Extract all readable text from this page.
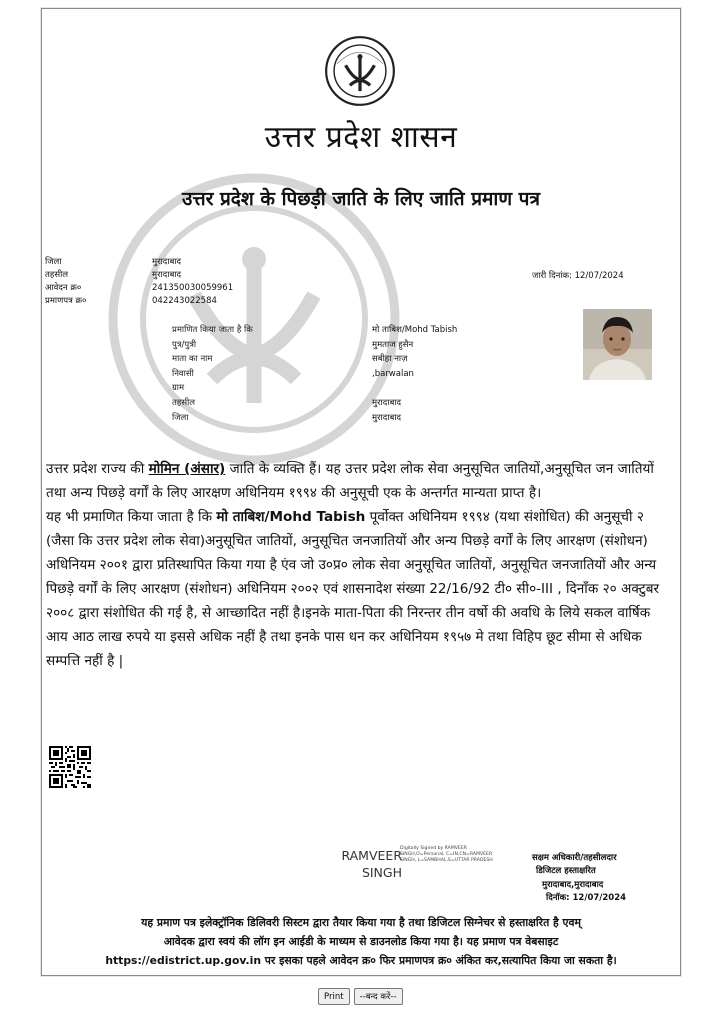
उत्तर प्रदेश शासन
उत्तर प्रदेश के पिछड़ी जाति के लिए जाति प्रमाण पत्र
जिला
तहसील
आवेदन क्र०
प्रमाणपत्र क्र०
मुरादाबाद
मुरादाबाद
241350030059961
042243022584
जारी दिनांक: 12/07/2024
प्रमाणित किया जाता है कि
पुत्र/पुत्री
माता का नाम
निवासी
ग्राम
तहसील
जिला
मो ताबिश/Mohd Tabish
मुमताज हुसैन
सबीहा नाज़
,barwalan

मुरादाबाद
मुरादाबाद

उत्तर प्रदेश राज्य की मोमिन (अंसार) जाति के व्यक्ति हैं। यह उत्तर प्रदेश लोक सेवा अनुसूचित जातियों,अनुसूचित जन जातियों तथा अन्य पिछड़े वर्गों के लिए आरक्षण अधिनियम १९९४ की अनुसूची एक के अन्तर्गत मान्यता प्राप्त है।

यह भी प्रमाणित किया जाता है कि मो ताबिश/Mohd Tabish पूर्वोक्त अधिनियम १९९४ (यथा संशोधित) की अनुसूची २ (जैसा कि उत्तर प्रदेश लोक सेवा)अनुसूचित जातियों, अनुसूचित जनजातियों और अन्य पिछड़े वर्गों के लिए आरक्षण (संशोधन) अधिनियम २००१ द्वारा प्रतिस्थापित किया गया है एंव जो उ०प्र० लोक सेवा अनुसूचित जातियों, अनुसूचित जनजातियों और अन्य पिछड़े वर्गों के लिए आरक्षण (संशोधन) अधिनियम २००२ एवं शासनादेश संख्या 22/16/92 टी० सी०-III , दिनाँक २० अक्टुबर २००८ द्वारा संशोधित की गई है, से आच्छादित नहीं है।इनके माता-पिता की निरन्तर तीन वर्षो की अवधि के लिये सकल वार्षिक आय आठ लाख रुपये या इससे अधिक नहीं है तथा इनके पास धन कर अधिनियम १९५७ मे तथा विहिप छूट सीमा से अधिक सम्पत्ति नहीं है |

RAMVEER
SINGH
Digitally Signed by RAMVEER SINGH,O=Personal, C=IN,CN=RAMVEER SINGH, L=SAMBHAL,S=UTTAR PRADESH	सक्षम अधिकारी/तहसीलदार
डिजिटल हस्ताक्षरित
मुरादाबाद,मुरादाबाद
दिनॉक: 12/07/2024
यह प्रमाण पत्र इलेक्ट्रॉनिक डिलिवरी सिस्टम द्वारा तैयार किया गया है तथा डिजिटल सिग्नेचर से हस्ताक्षरित है एवम्
आवेदक द्वारा स्वयं की लॉग इन आईडी के माध्यम से डाउनलोड किया गया है। यह प्रमाण पत्र वेबसाइट
https://edistrict.up.gov.in पर इसका पहले आवेदन क्र० फिर प्रमाणपत्र क्र० अंकित कर,सत्यापित किया जा सकता है।
Print	--बन्द करें--
